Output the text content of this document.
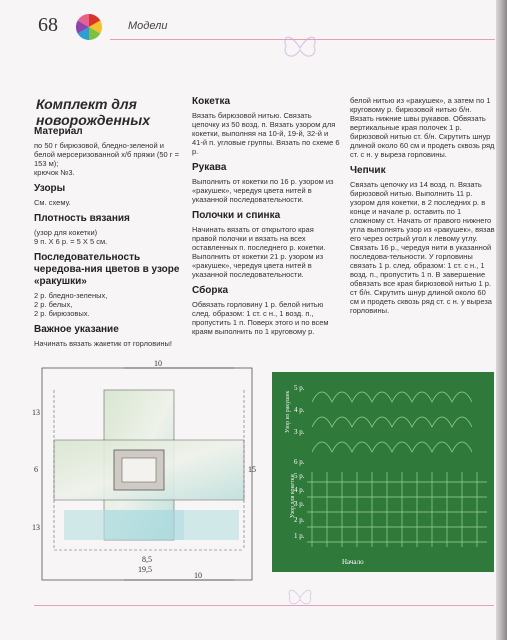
68	Модели
Комплект для новорожденных
Материал

по 50 г бирюзовой, бледно-зеленой и белой мерсеризованной х/б пряжи (50 г = 153 м);
крючок №3.

Узоры

См. схему.

Плотность вязания

(узор для кокетки)
9 п. Х 6 р. = 5 Х 5 см.

Последовательность чередова-ния цветов в узоре «ракушки»

2 р. бледно-зеленых,
2 р. белых,
2 р. бирюзовых.

Важное указание

Начинать вязать жакетик от горловины!

Кокетка

Вязать бирюзовой нитью. Связать цепочку из 50 возд. п. Вязать узором для кокетки, выполняя на 10-й, 19-й, 32-й и 41-й п. угловые группы. Вязать по схеме 6 р.

Рукава

Выполнить от кокетки по 16 р. узором из «ракушек», чередуя цвета нитей в указанной последовательности.

Полочки и спинка

Начинать вязать от открытого края правой полочки и вязать на всех оставленных п. последнего р. кокетки. Выполнить от кокетки 21 р. узором из «ракушек», чередуя цвета нитей в указанной последовательности.

Сборка

Обвязать горловину 1 р. белой нитью след. образом: 1 ст. с н., 1 возд. п., пропустить 1 п. Поверх этого и по всем краям выполнить по 1 круговому р.

белой нитью из «ракушек», а затем по 1 круговому р. бирюзовой нитью б/н. Вязать нижние швы рукавов. Обвязать вертикальные края полочек 1 р. бирюзовой нитью ст. б/н. Скрутить шнур длиной около 60 см и продеть сквозь ряд ст. с н. у выреза горловины.

Чепчик

Связать цепочку из 14 возд. п. Вязать бирюзовой нитью. Выполнить 11 р. узором для кокетки, в 2 последних р. в конце и начале р. оставить по 1 сложному ст. Начать от правого нижнего угла выполнять узор из «ракушек», вязав его через острый угол к левому углу. Связать 16 р., чередуя нити в указанной последова-тельности. У горловины связать 1 р. след. образом: 1 ст. с н., 1 возд. п., пропустить 1 п. В завершение обвязать все края бирюзовой нитью 1 р. ст б/н. Скрутить шнур длиной около 60 см и продеть сквозь ряд ст. с н. у выреза горловины.

10
13
6	15
13
8,5
19,5
10
Узор из ракушек
Узор для кокетки
5 р.
4 р.
3 р.
6 р.
5 р.
4 р.
3 р.
2 р.
1 р.
Начало
